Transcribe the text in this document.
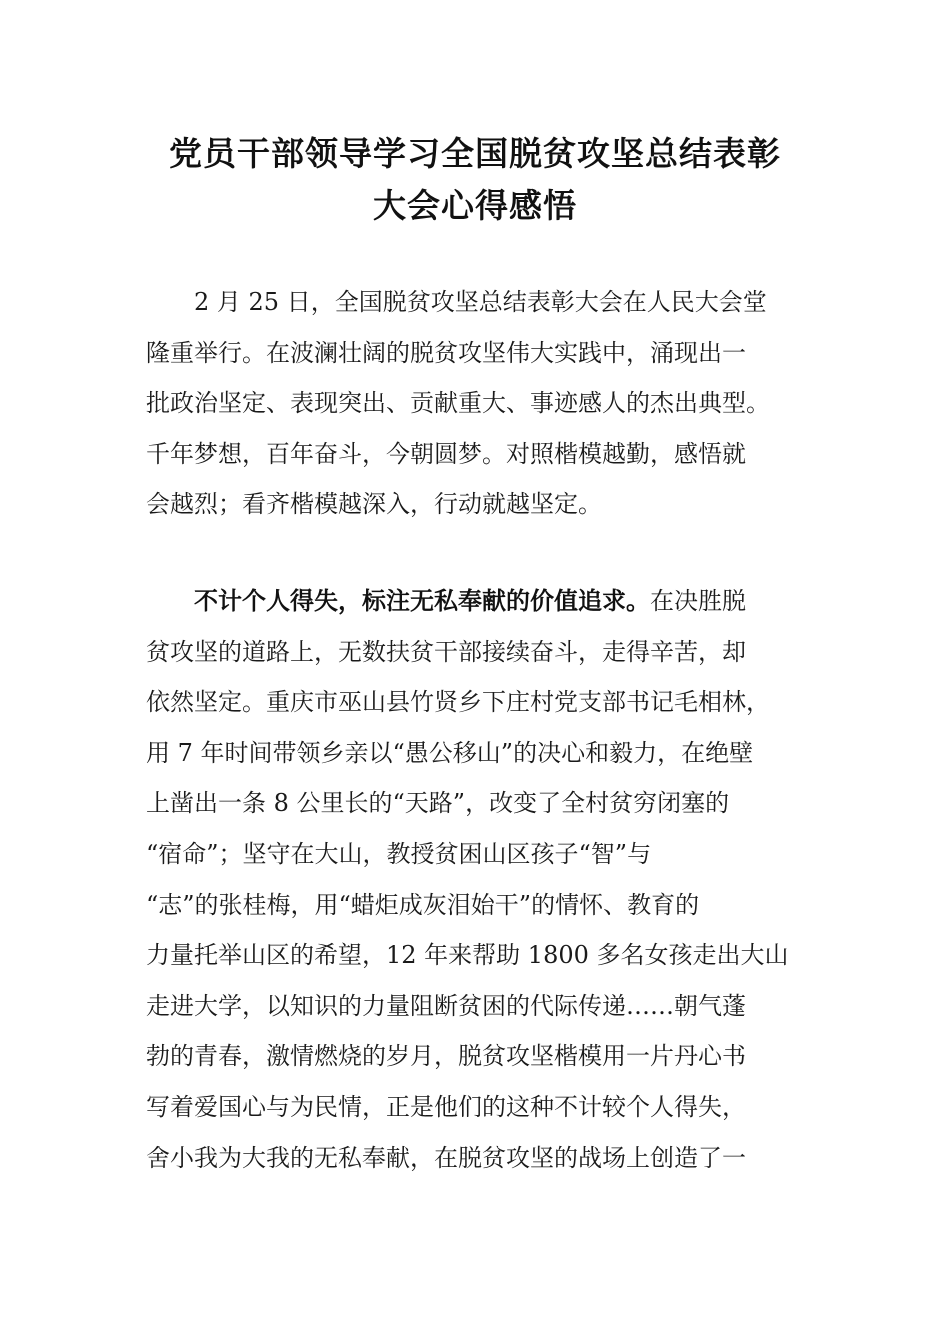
党员干部领导学习全国脱贫攻坚总结表彰
大会心得感悟
2 月 25 日，全国脱贫攻坚总结表彰大会在人民大会堂
隆重举行。在波澜壮阔的脱贫攻坚伟大实践中，涌现出一
批政治坚定、表现突出、贡献重大、事迹感人的杰出典型。
千年梦想，百年奋斗，今朝圆梦。对照楷模越勤，感悟就
会越烈；看齐楷模越深入，行动就越坚定。
不计个人得失，标注无私奉献的价值追求。在决胜脱
贫攻坚的道路上，无数扶贫干部接续奋斗，走得辛苦，却
依然坚定。重庆市巫山县竹贤乡下庄村党支部书记毛相林，
用 7 年时间带领乡亲以“愚公移山”的决心和毅力，在绝壁
上凿出一条 8 公里长的“天路”，改变了全村贫穷闭塞的
“宿命”；坚守在大山，教授贫困山区孩子“智”与
“志”的张桂梅，用“蜡炬成灰泪始干”的情怀、教育的
力量托举山区的希望，12 年来帮助 1800 多名女孩走出大山
走进大学，以知识的力量阻断贫困的代际传递……朝气蓬
勃的青春，激情燃烧的岁月，脱贫攻坚楷模用一片丹心书
写着爱国心与为民情，正是他们的这种不计较个人得失，
舍小我为大我的无私奉献，在脱贫攻坚的战场上创造了一
